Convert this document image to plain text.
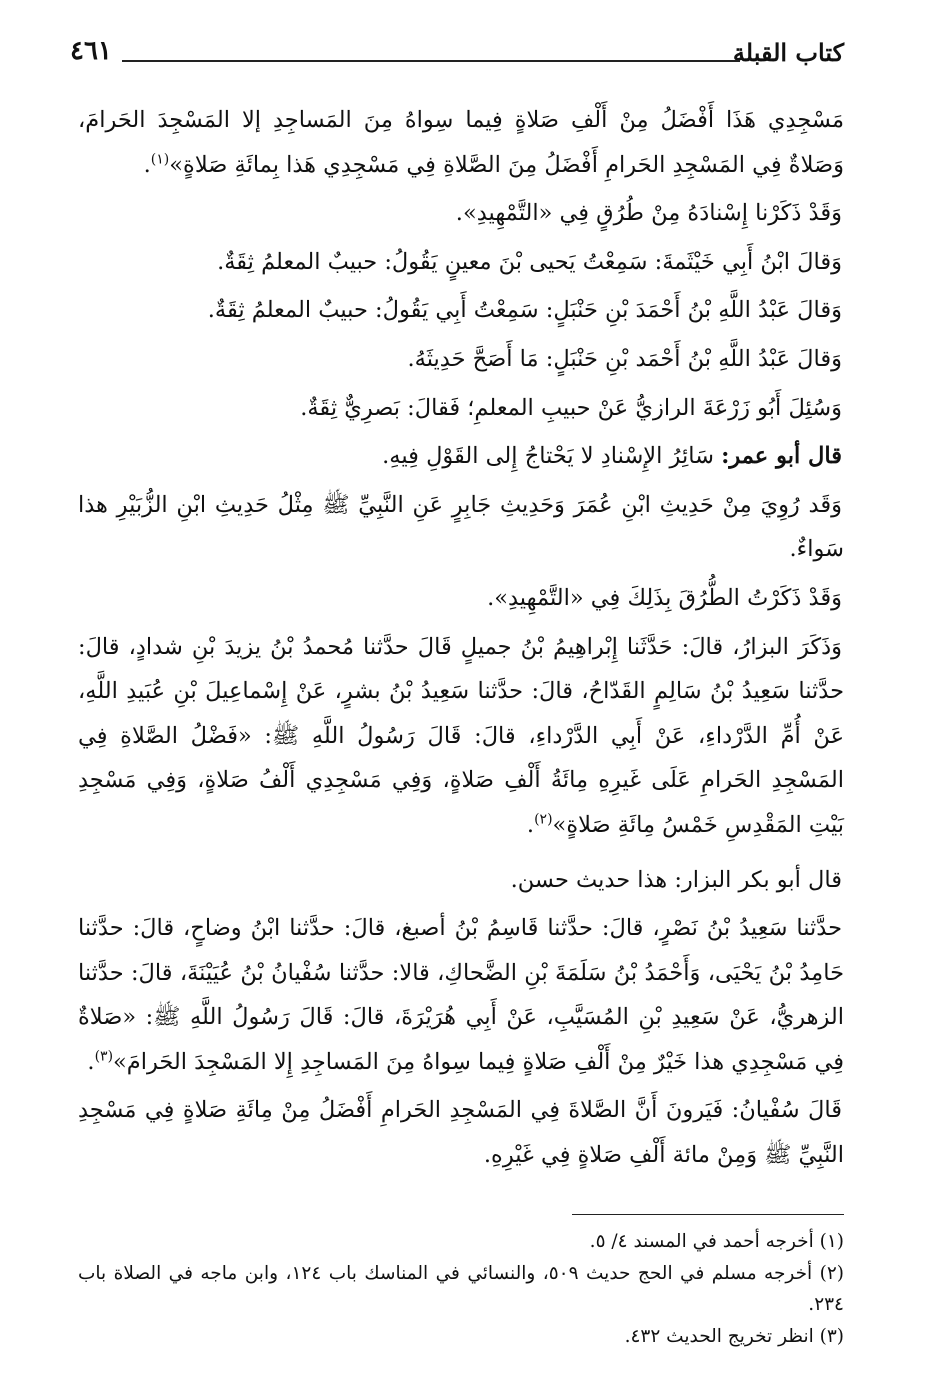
كتاب القبلة
٤٦١

مَسْجِدِي هَذَا أَفْضَلُ مِنْ أَلْفِ صَلاةٍ فِيما سِواهُ مِنَ المَساجِدِ إلا المَسْجِدَ الحَرامَ، وَصَلاةٌ فِي المَسْجِدِ الحَرامِ أَفْضَلُ مِنَ الصَّلاةِ فِي مَسْجِدِي هَذا بِمائَةِ صَلاةٍ»$^{(١)}$.

وَقَدْ ذَكَرْنا إِسْنادَهُ مِنْ طُرُقٍ فِي «التَّمْهِيدِ».

وَقالَ ابْنُ أَبِي خَيْثَمةَ: سَمِعْتُ يَحيى بْنَ معينٍ يَقُولُ: حبيبٌ المعلمُ ثِقَةٌ.

وَقالَ عَبْدُ اللَّهِ بْنُ أَحْمَدَ بْنِ حَنْبَلٍ: سَمِعْتُ أَبِي يَقُولُ: حبيبٌ المعلمُ ثِقَةٌ.

وَقالَ عَبْدُ اللَّهِ بْنُ أَحْمَد بْنِ حَنْبَلٍ: مَا أَصَحَّ حَدِيثَهُ.

وَسُئِلَ أَبُو زَرْعَةَ الرازيُّ عَنْ حبيبِ المعلمِ؛ فَقالَ: بَصرِيٌّ ثِقَةٌ.

قال أبو عمر: سَائِرُ الإِسْنادِ لا يَحْتاجُ إِلى القَوْلِ فِيهِ.

وَقَد رُوِيَ مِنْ حَدِيثِ ابْنِ عُمَرَ وَحَدِيثِ جَابِرٍ عَنِ النَّبِيِّ ﷺ مِثْلُ حَدِيثِ ابْنِ الزُّبَيْرِ هذا سَواءٌ.

وَقَدْ ذَكَرْتُ الطُّرُقَ بِذَلِكَ فِي «التَّمْهِيدِ».

وَذَكَرَ البزارُ، قالَ: حَدَّثَنا إِبْراهِيمُ بْنُ جميلٍ قَالَ حدَّثنا مُحمدُ بْنُ يزيدَ بْنِ شدادٍ، قالَ: حدَّثنا سَعِيدُ بْنُ سَالِمٍ القَدّاحُ، قالَ: حدَّثنا سَعِيدُ بْنُ بشرٍ، عَنْ إِسْماعِيلَ بْنِ عُبَيدِ اللَّهِ، عَنْ أُمِّ الدَّرْداءِ، عَنْ أَبِي الدَّرْداءِ، قالَ: قَالَ رَسُولُ اللَّهِ ﷺ: «فَضْلُ الصَّلاةِ فِي المَسْجِدِ الحَرامِ عَلَى غَيرِهِ مِائَةُ أَلْفِ صَلاةٍ، وَفِي مَسْجِدِي أَلْفُ صَلاةٍ، وَفِي مَسْجِدِ بَيْتِ المَقْدِسِ خَمْسُ مِائَةِ صَلاةٍ»$^{(٢)}$.

قال أبو بكر البزار: هذا حديث حسن.

حدَّثنا سَعِيدُ بْنُ نَصْرٍ، قالَ: حدَّثنا قَاسِمُ بْنُ أصبغ، قالَ: حدَّثنا ابْنُ وضاحٍ، قالَ: حدَّثنا حَامِدُ بْنُ يَحْيَى، وَأَحْمَدُ بْنُ سَلَمَةَ بْنِ الضَّحاكِ، قالا: حدَّثنا سُفْيانُ بْنُ عُيَيْنَةَ، قالَ: حدَّثنا الزهريُّ، عَنْ سَعِيدِ بْنِ المُسَيَّبِ، عَنْ أَبِي هُرَيْرَةَ، قالَ: قَالَ رَسُولُ اللَّهِ ﷺ: «صَلاةٌ فِي مَسْجِدِي هذا خَيْرٌ مِنْ أَلْفِ صَلاةٍ فِيما سِواهُ مِنَ المَساجِدِ إِلا المَسْجِدَ الحَرامَ»$^{(٣)}$.

قَالَ سُفْيانُ: فَيَرونَ أَنَّ الصَّلاةَ فِي المَسْجِدِ الحَرامِ أَفْضَلُ مِنْ مِائَةِ صَلاةٍ فِي مَسْجِدِ النَّبِيِّ ﷺ وَمِنْ مائة أَلْفِ صَلاةٍ فِي غَيْرِهِ.

(١) أخرجه أحمد في المسند ٤/ ٥.

(٢) أخرجه مسلم في الحج حديث ٥٠٩، والنسائي في المناسك باب ١٢٤، وابن ماجه في الصلاة باب ٢٣٤.

(٣) انظر تخريج الحديث ٤٣٢.
